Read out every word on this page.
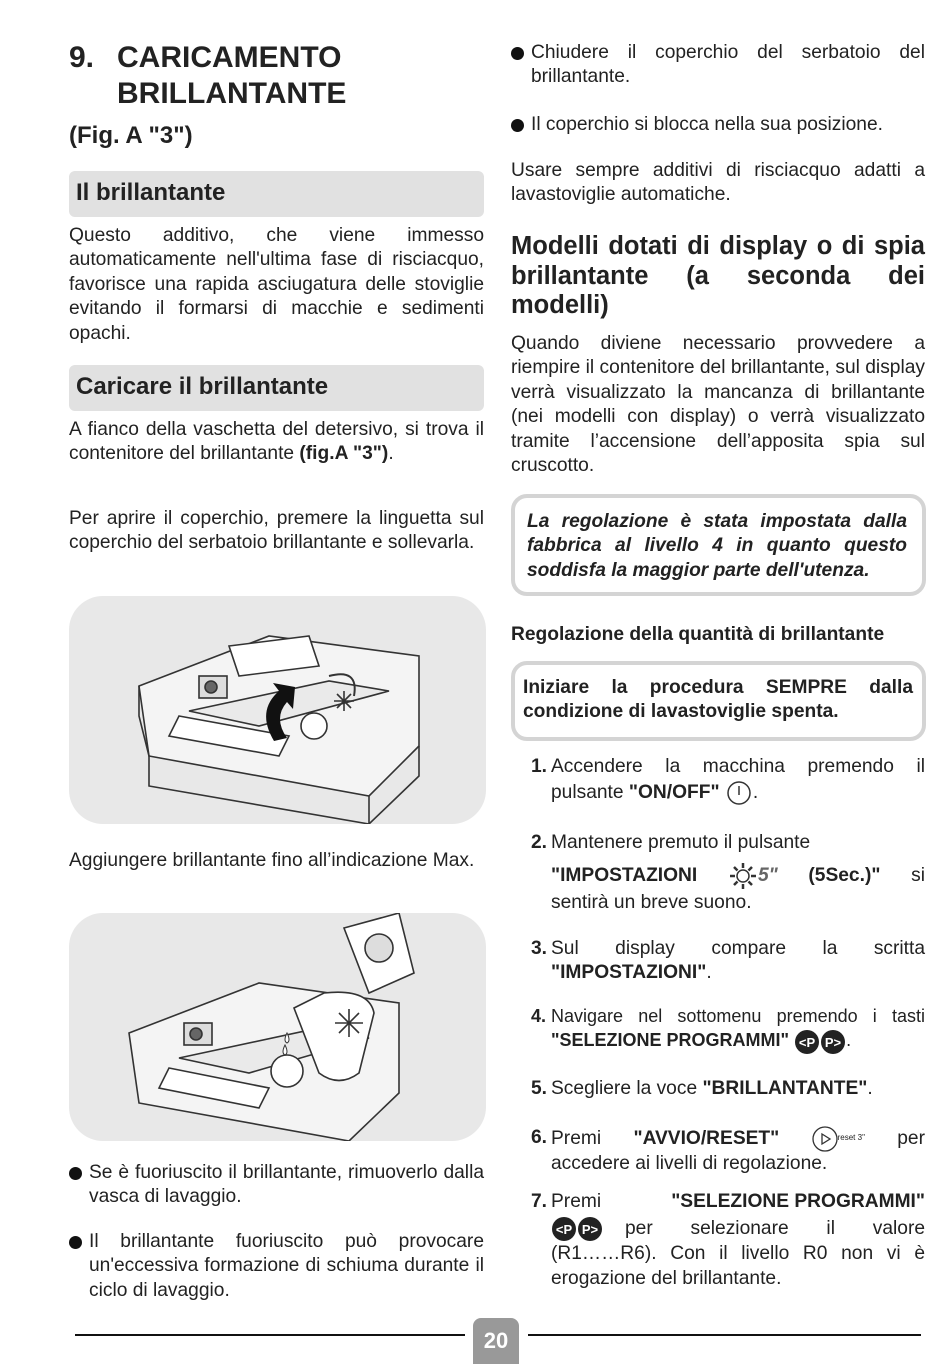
9. CARICAMENTO BRILLANTANTE
(Fig. A "3")
Il brillantante

Questo additivo, che viene immesso automaticamente nell'ultima fase di risciacquo, favorisce una rapida asciugatura delle stoviglie evitando il formarsi di macchie e sedimenti opachi.

Caricare il brillantante

A fianco della vaschetta del detersivo, si trova il contenitore del brillantante (fig.A "3").

Per aprire il coperchio, premere la linguetta sul coperchio del serbatoio brillantante e sollevarla.

Aggiungere brillantante fino all’indicazione Max.

Se è fuoriuscito il brillantante, rimuoverlo dalla vasca di lavaggio.
Il brillantante fuoriuscito può provocare un'eccessiva formazione di schiuma durante il ciclo di lavaggio.
Chiudere il coperchio del serbatoio del brillantante.
Il coperchio si blocca nella sua posizione.

Usare sempre additivi di risciacquo adatti a lavastoviglie automatiche.

Modelli dotati di display o di spia brillantante (a seconda dei modelli)

Quando diviene necessario provvedere a riempire il contenitore del brillantante, sul display verrà visualizzato la mancanza di brillantante (nei modelli con display) o verrà visualizzato tramite l’accensione dell’apposita spia sul cruscotto.

La regolazione è stata impostata dalla fabbrica al livello 4 in quanto questo soddisfa la maggior parte dell'utenza.

Regolazione della quantità di brillantante

Iniziare la procedura SEMPRE dalla condizione di lavastoviglie spenta.

1. Accendere la macchina premendo il pulsante "ON/OFF" .
2. Mantenere premuto il pulsante

"IMPOSTAZIONI	5" (5Sec.)" si
sentirà un breve suono.
3. Sul display compare la scritta "IMPOSTAZIONI".
4. Navigare nel sottomenu premendo i tasti "SELEZIONE PROGRAMMI" <P P> .
5. Scegliere la voce "BRILLANTANTE".
6. Premi "AVVIO/RESET"	$^{reset 3"}$ per
accedere ai livelli di regolazione.
7. Premi	"SELEZIONE PROGRAMMI"
<P P> per selezionare il valore
(R1……R6). Con il livello R0 non vi è erogazione del brillantante.
20
